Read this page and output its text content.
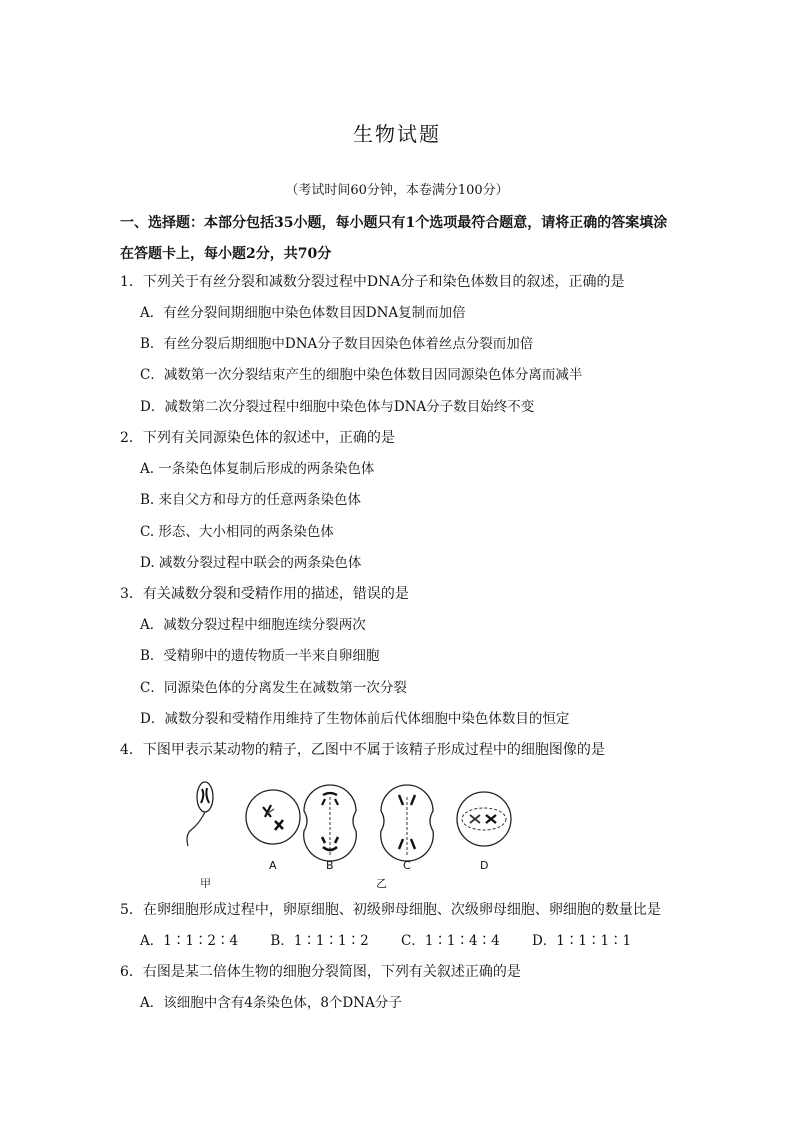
生物试题
（考试时间60分钟，本卷满分100分）
一、选择题：本部分包括35小题，每小题只有1个选项最符合题意，请将正确的答案填涂在答题卡上，每小题2分，共70分
1．下列关于有丝分裂和减数分裂过程中DNA分子和染色体数目的叙述，正确的是
A．有丝分裂间期细胞中染色体数目因DNA复制而加倍
B．有丝分裂后期细胞中DNA分子数目因染色体着丝点分裂而加倍
C．减数第一次分裂结束产生的细胞中染色体数目因同源染色体分离而减半
D．减数第二次分裂过程中细胞中染色体与DNA分子数目始终不变
2．下列有关同源染色体的叙述中，正确的是
A. 一条染色体复制后形成的两条染色体
B. 来自父方和母方的任意两条染色体
C. 形态、大小相同的两条染色体
D. 减数分裂过程中联会的两条染色体
3．有关减数分裂和受精作用的描述，错误的是
A．减数分裂过程中细胞连续分裂两次
B．受精卵中的遗传物质一半来自卵细胞
C．同源染色体的分离发生在减数第一次分裂
D．减数分裂和受精作用维持了生物体前后代体细胞中染色体数目的恒定
4．下图甲表示某动物的精子，乙图中不属于该精子形成过程中的细胞图像的是
甲
A	B	C	D
乙
5．在卵细胞形成过程中，卵原细胞、初级卵母细胞、次级卵母细胞、卵细胞的数量比是
A．1∶1∶2∶4 B．1∶1∶1∶2 C．1∶1∶4∶4 D．1∶1∶1∶1
6．右图是某二倍体生物的细胞分裂简图，下列有关叙述正确的是
A．该细胞中含有4条染色体，8个DNA分子
